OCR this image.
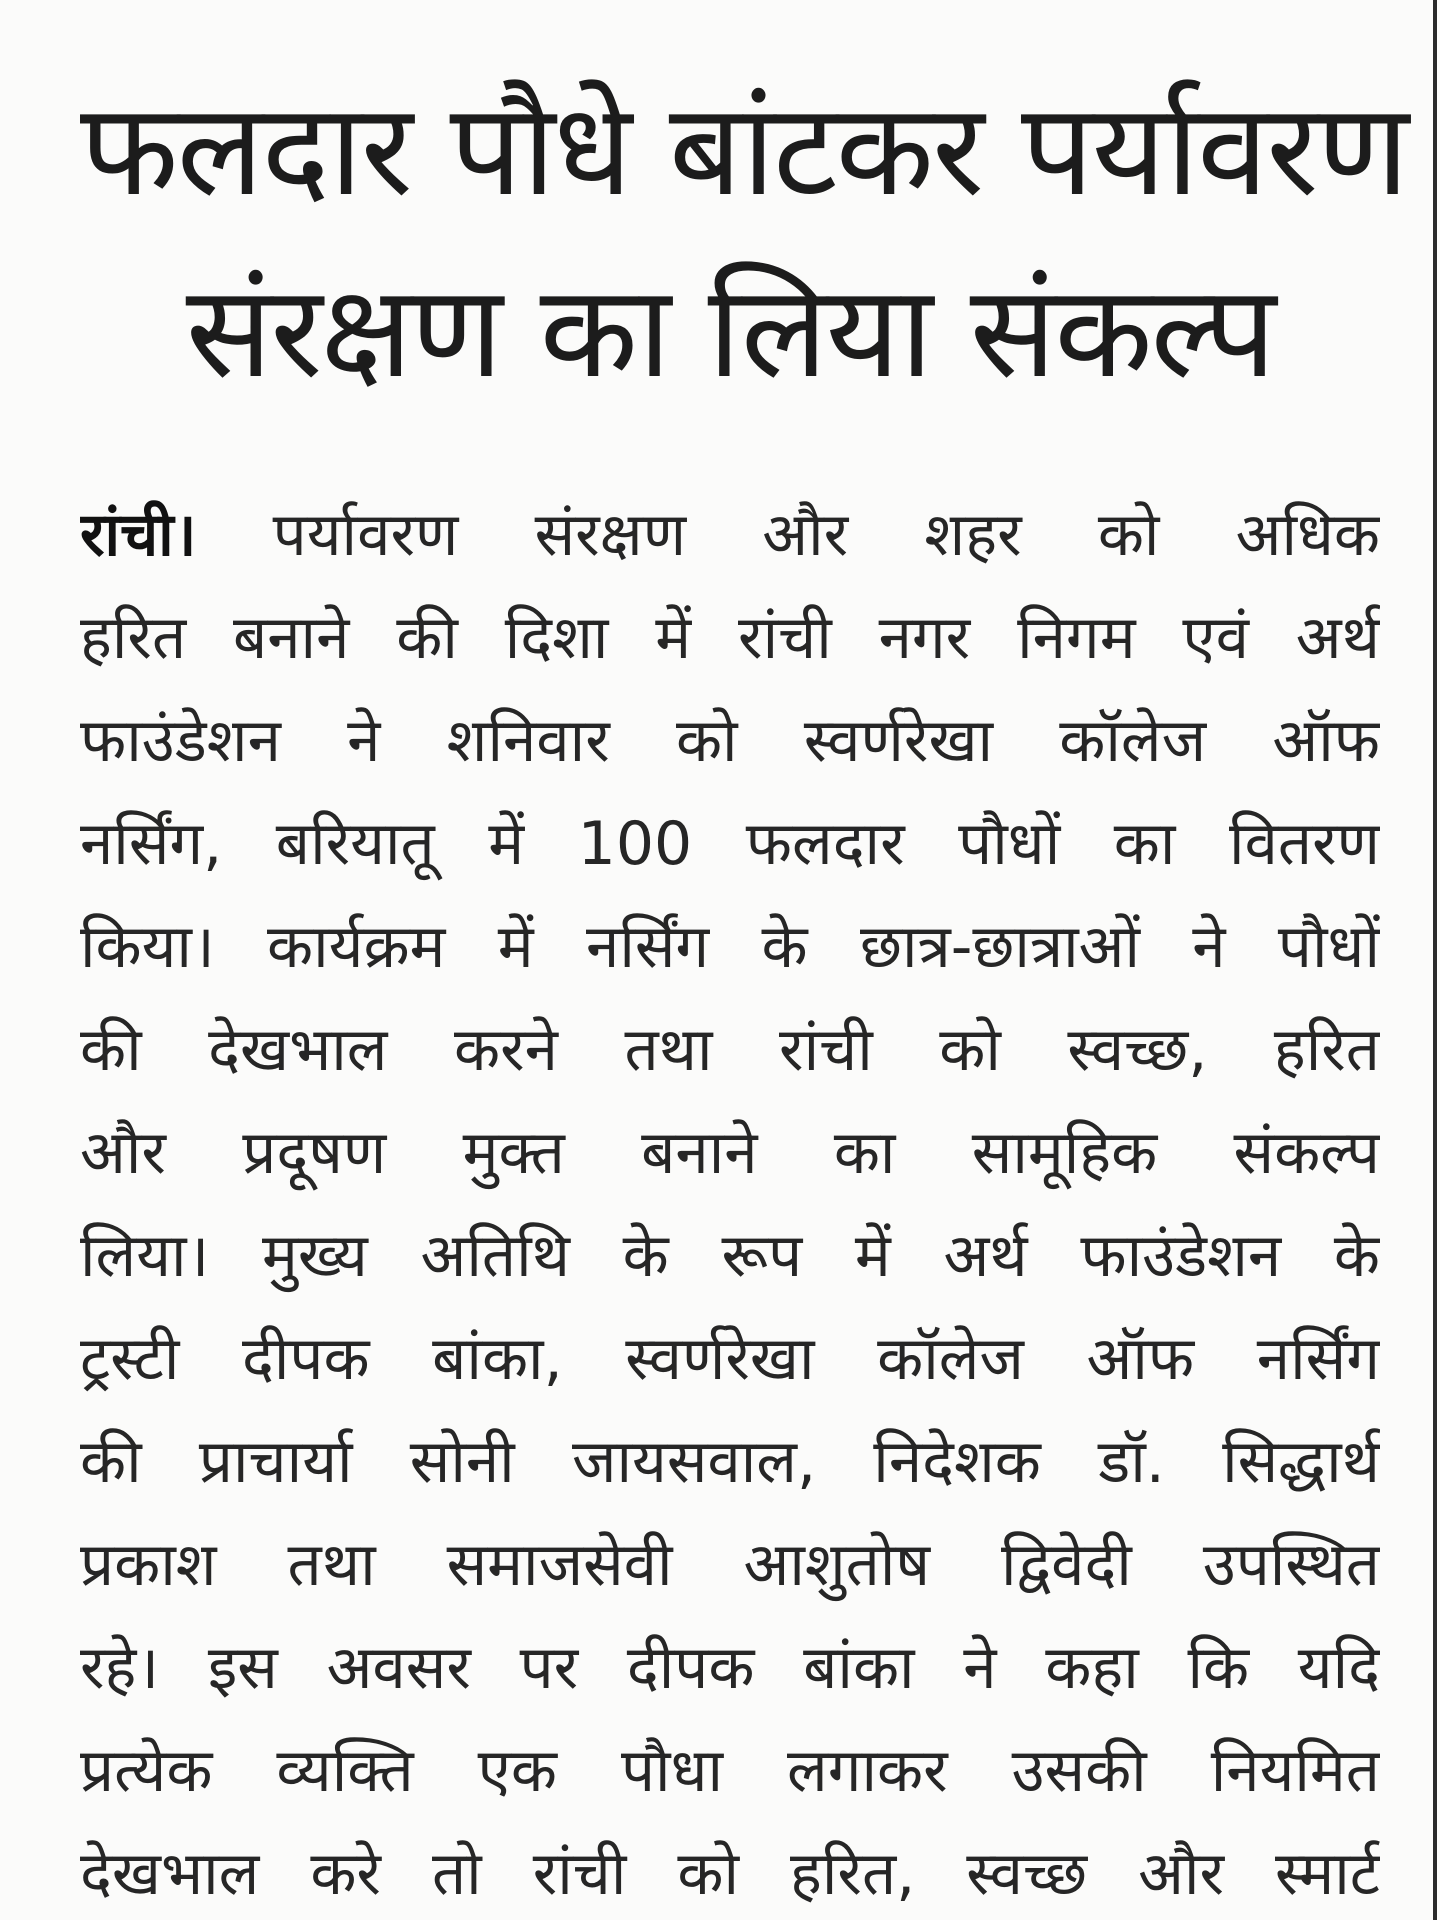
फलदार पौधे बांटकर पर्यावरण
संरक्षण का लिया संकल्प
रांची। पर्यावरण संरक्षण और शहर को अधिक
हरित बनाने की दिशा में रांची नगर निगम एवं अर्थ
फाउंडेशन ने शनिवार को स्वर्णरेखा कॉलेज ऑफ
नर्सिंग, बरियातू में 100 फलदार पौधों का वितरण
किया। कार्यक्रम में नर्सिंग के छात्र-छात्राओं ने पौधों
की देखभाल करने तथा रांची को स्वच्छ, हरित
और प्रदूषण मुक्त बनाने का सामूहिक संकल्प
लिया। मुख्य अतिथि के रूप में अर्थ फाउंडेशन के
ट्रस्टी दीपक बांका, स्वर्णरेखा कॉलेज ऑफ नर्सिंग
की प्राचार्या सोनी जायसवाल, निदेशक डॉ. सिद्धार्थ
प्रकाश तथा समाजसेवी आशुतोष द्विवेदी उपस्थित
रहे। इस अवसर पर दीपक बांका ने कहा कि यदि
प्रत्येक व्यक्ति एक पौधा लगाकर उसकी नियमित
देखभाल करे तो रांची को हरित, स्वच्छ और स्मार्ट
